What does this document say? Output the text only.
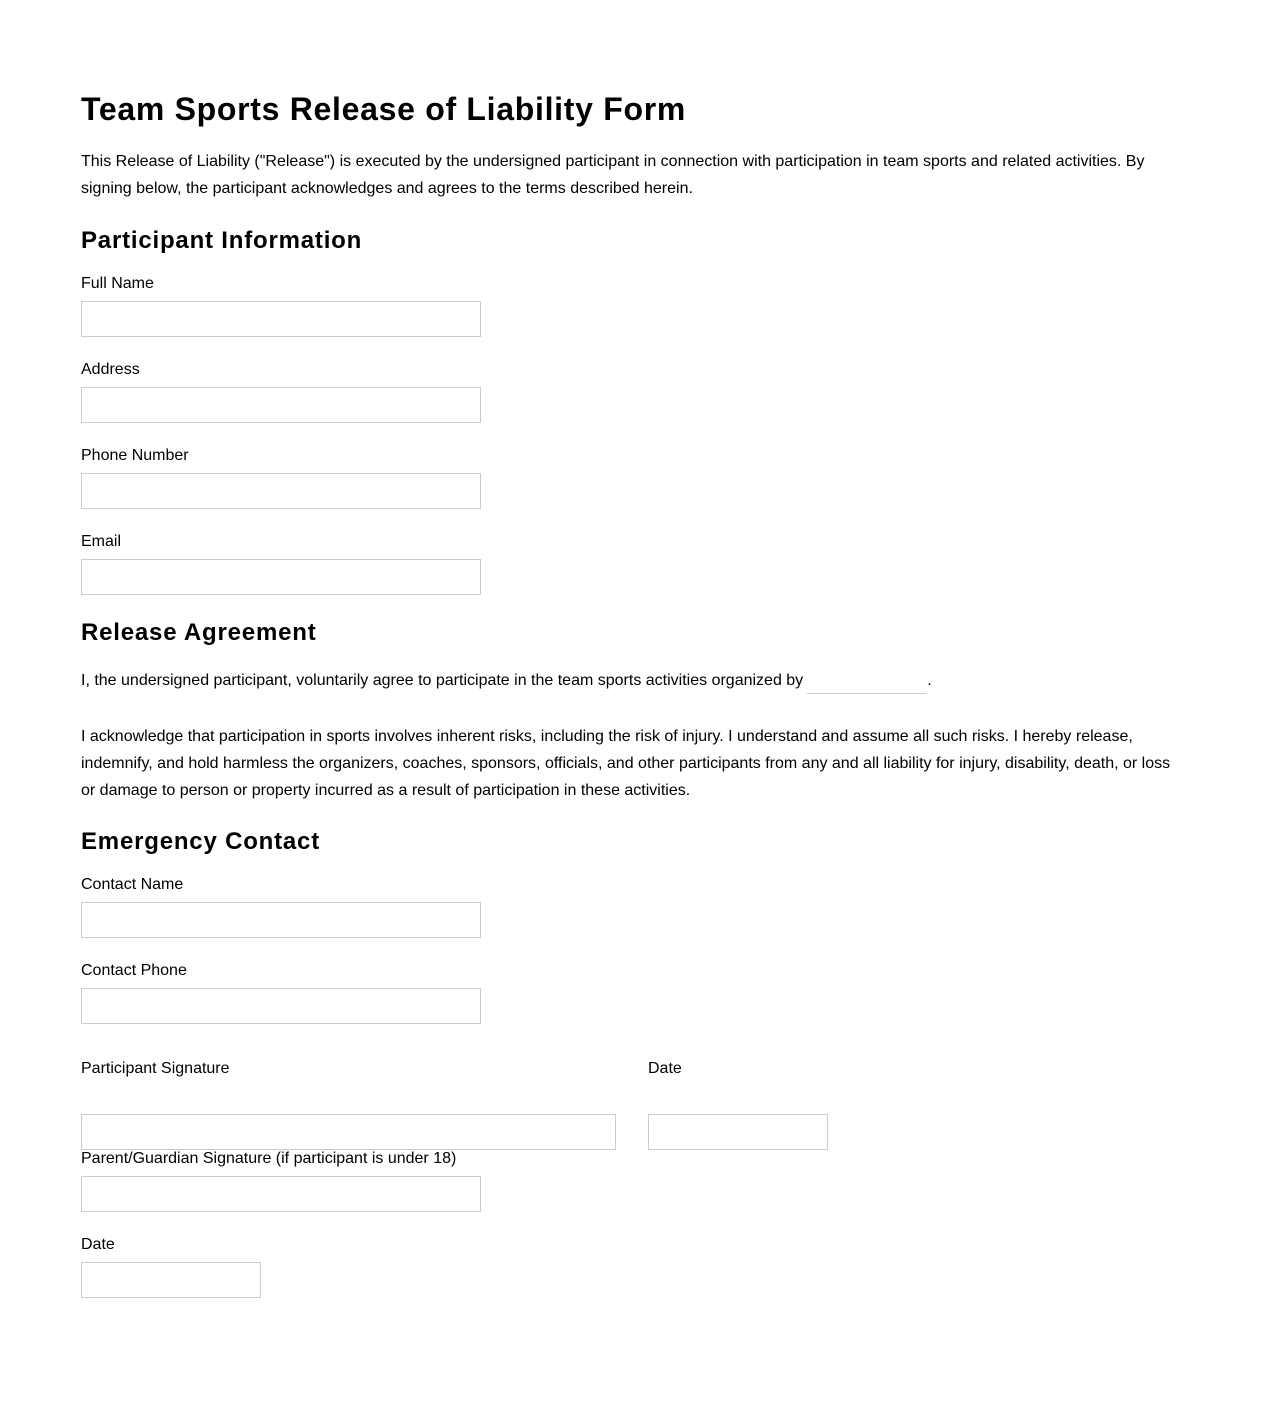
Team Sports Release of Liability Form

This Release of Liability ("Release") is executed by the undersigned participant in connection with participation in team sports and related activities. By signing below, the participant acknowledges and agrees to the terms described herein.

Participant Information
Full Name
Address
Phone Number
Email
Release Agreement

I, the undersigned participant, voluntarily agree to participate in the team sports activities organized by	.

I acknowledge that participation in sports involves inherent risks, including the risk of injury. I understand and assume all such risks. I hereby release, indemnify, and hold harmless the organizers, coaches, sponsors, officials, and other participants from any and all liability for injury, disability, death, or loss or damage to person or property incurred as a result of participation in these activities.

Emergency Contact
Contact Name
Contact Phone
Participant Signature	Date
Parent/Guardian Signature (if participant is under 18)
Date
